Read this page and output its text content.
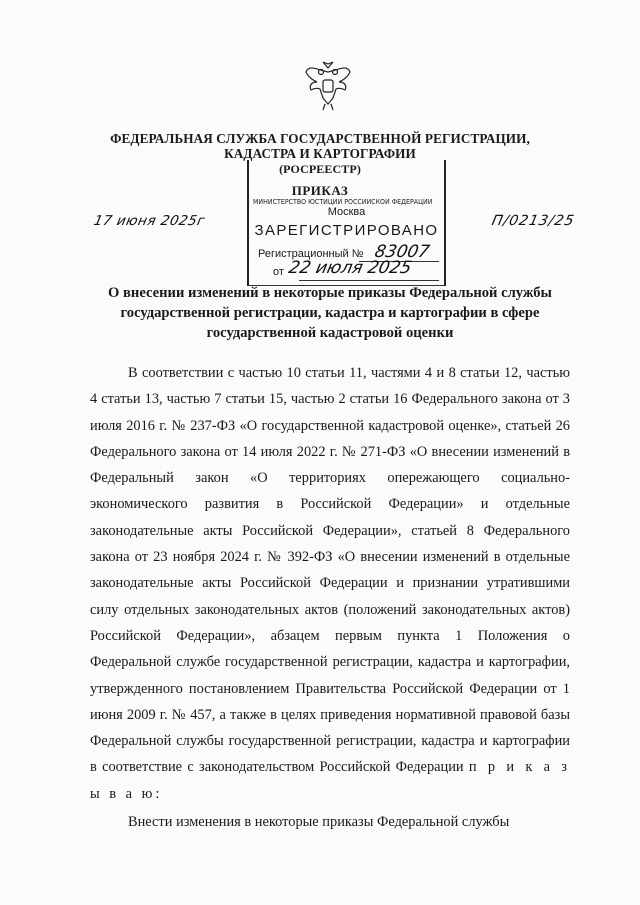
ФЕДЕРАЛЬНАЯ СЛУЖБА ГОСУДАРСТВЕННОЙ РЕГИСТРАЦИИ,
КАДАСТРА И КАРТОГРАФИИ
(РОСРЕЕСТР)
ПРИКАЗ
17 июня 2025г	П/0213/25
МИНИСТЕРСТВО ЮСТИЦИИ РОССИЙСКОЙ ФЕДЕРАЦИИ
Москва
ЗАРЕГИСТРИРОВАНО
Регистрационный № 83007
от 22 июля 2025
О внесении изменений в некоторые приказы Федеральной службы государственной регистрации, кадастра и картографии в сфере государственной кадастровой оценки

В соответствии с частью 10 статьи 11, частями 4 и 8 статьи 12, частью 4 статьи 13, частью 7 статьи 15, частью 2 статьи 16 Федерального закона от 3 июля 2016 г. № 237-ФЗ «О государственной кадастровой оценке», статьей 26 Федерального закона от 14 июля 2022 г. № 271-ФЗ «О внесении изменений в Федеральный закон «О территориях опережающего социально-экономического развития в Российской Федерации» и отдельные законодательные акты Российской Федерации», статьей 8 Федерального закона от 23 ноября 2024 г. № 392-ФЗ «О внесении изменений в отдельные законодательные акты Российской Федерации и признании утратившими силу отдельных законодательных актов (положений законодательных актов) Российской Федерации», абзацем первым пункта 1 Положения о Федеральной службе государственной регистрации, кадастра и картографии, утвержденного постановлением Правительства Российской Федерации от 1 июня 2009 г. № 457, а также в целях приведения нормативной правовой базы Федеральной службы государственной регистрации, кадастра и картографии в соответствие с законодательством Российской Федерации п р и к а з ы в а ю:

Внести изменения в некоторые приказы Федеральной службы
